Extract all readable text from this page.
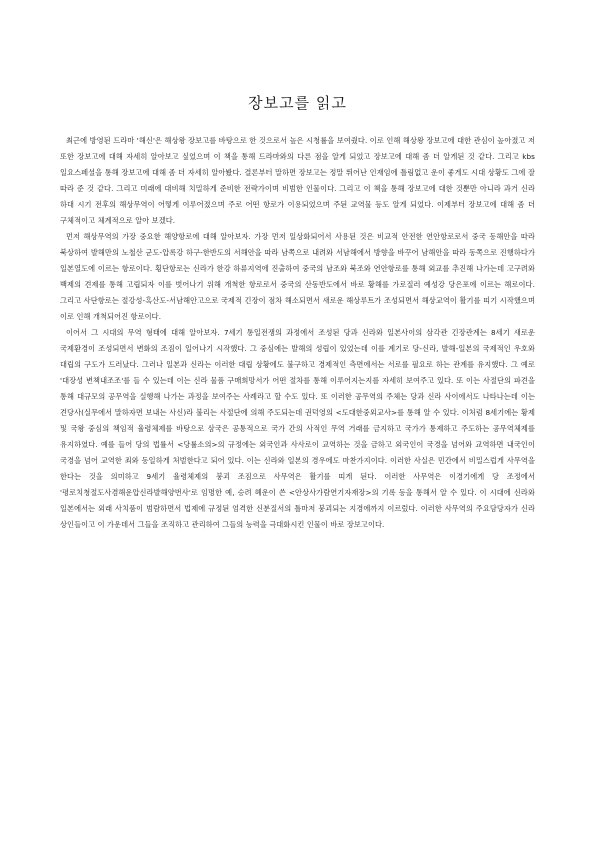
장보고를 읽고

최근에 방영된 드라마 '해신'은 해상왕 장보고를 바탕으로 한 것으로서 높은 시청률을 보여줬다. 이로 인해 해상왕 장보고에 대한 관심이 높아졌고 저 또한 장보고에 대해 자세히 알아보고 싶었으며 이 책을 통해 드라마와의 다른 점을 알게 되었고 장보고에 대해 좀 더 알게된 것 같다. 그리고 kbs 일요스페셜을 통해 장보고에 대해 좀 더 자세히 알아봤다. 결론부터 말하면 장보고는 정말 뛰어난 인재임에 틀림없고 운이 좋게도 시대 상황도 그에 잘 따라 준 것 같다. 그리고 미래에 대비해 치밀하게 준비한 전략가이며 비범한 인물이다. 그리고 이 책을 통해 장보고에 대한 것뿐만 아니라 과거 신라 하대 시기 전후의 해상무역이 어떻게 이루어졌으며 주로 어떤 항로가 이용되었으며 주된 교역물 등도 알게 되었다. 이제부터 장보고에 대해 좀 더 구체적이고 체계적으로 알아 보겠다.

먼저 해상무역의 가장 중요한 해양항로에 대해 알아보자. 가장 먼저 일상화되어서 사용된 것은 비교적 안전한 연안항로로서 중국 동해안을 따라 북상하여 발해만의 노철산 군도-압록강 하구-한반도의 서해안을 따라 남쪽으로 내려와 서남해에서 방향을 바꾸어 남해안을 따라 동쪽으로 진행하다가 일본열도에 이르는 항로이다. 횡단항로는 신라가 한강 하류지역에 진출하여 중국의 남조와 북조와 연안항로를 통해 외교를 추진해 나가는데 고구려와 백제의 견제를 통해 고립되자 이를 벗어나기 위해 개척한 항로로서 중국의 산동반도에서 바로 황해를 가로질러 예성강 당은포에 이르는 해로이다. 그리고 사단항로는 절강성-흑산도-서남해안고으로 국제적 긴장이 점차 해소되면서 새로운 해상루트가 조성되면서 해상교역이 활기를 띠기 시작했으며 이로 인해 개척되어진 항로이다.

이어서 그 시대의 무역 형태에 대해 알아보자. 7세기 통일전쟁의 과정에서 조성된 당과 신라와 일본사이의 삼각관 긴장관계는 8세기 새로운 국제환경이 조성되면서 변화의 조짐이 일어나기 시작했다. 그 중심에는 발해의 성립이 있었는데 이를 계기로 당-신라, 발해-일본의 국제적인 우호와 대립의 구도가 드러났다. 그러나 일본과 신라는 이러한 대립 상황에도 불구하고 경제적인 측면에서는 서로를 필요로 하는 관계를 유지했다. 그 예로 '대장성 변책내조조'를 들 수 있는데 이는 신라 물품 구매희망서가 어떤 절차를 통해 이루어지는지를 자세히 보여주고 있다. 또 이는 사절단의 파견을 통해 대규모의 공무역을 실행해 나가는 과정을 보여주는 사례라고 할 수도 있다. 또 이러한 공무역의 주체는 당과 신라 사이에서도 나타나는데 이는 견당사(실무에서 말하자면 보내는 사신)라 불리는 사절단에 의해 주도되는데 권덕영의 <도대한중외교사>를 통해 알 수 있다. 이처럼 8세기에는 황제 및 국왕 중심의 책임적 율령체제를 바탕으로 삼국은 공통적으로 국가 간의 사적인 무역 거래를 금지하고 국가가 통제하고 주도하는 공무역체제를 유지하였다. 예를 들어 당의 법률서 <당률소의>의 규정에는 외국인과 사사로이 교역하는 것을 금하고 외국인이 국경을 넘어와 교역하면 내국인이 국경을 넘어 교역한 죄와 동일하게 처벌한다고 되어 있다. 이는 신라와 일본의 경우에도 마찬가지이다. 이러한 사실은 민간에서 비밀스럽게 사무역을 한다는 것을 의미하고 9세기 율령체제의 붕괴 조짐으로 사무역은 활기를 띠게 된다. 이러한 사무역은 이경기에게 당 조정에서 '평로치청절도사겸해운압신라발해양번사'로 임명한 예, 승려 혜운이 쓴 <안상사가람연기자재장>의 기록 등을 통해서 알 수 있다. 이 시대에 신라와 일본에서는 외래 사치품이 범람하면서 법제에 규정된 엄격한 신분질서의 틀마저 붕괴되는 지경에까지 이르렀다. 이러한 사무역의 주요담당자가 신라 상인들이고 이 가운데서 그들을 조직하고 관리하여 그들의 능력을 극대화시킨 인물이 바로 장보고이다.
